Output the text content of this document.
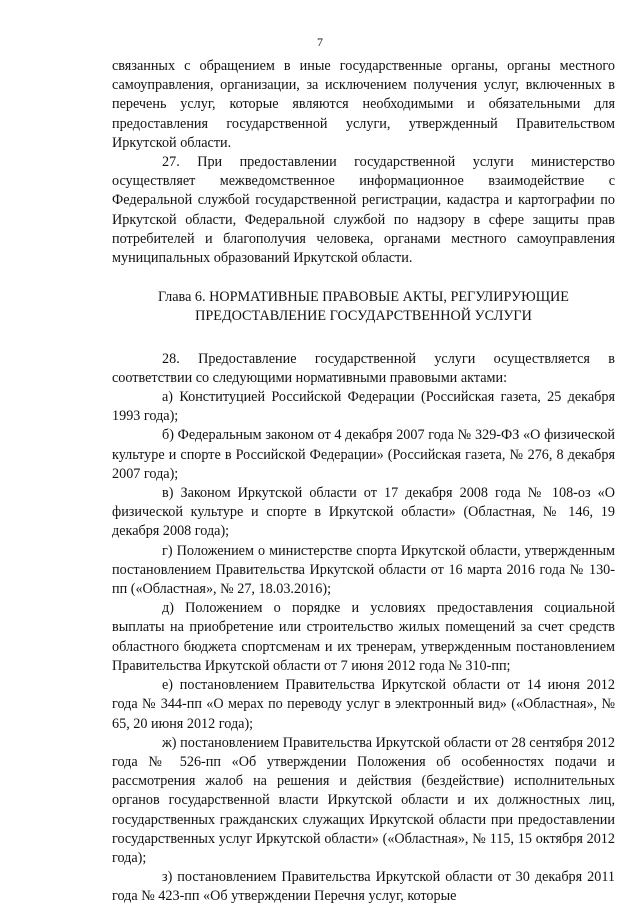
7

связанных с обращением в иные государственные органы, органы местного самоуправления, организации, за исключением получения услуг, включенных в перечень услуг, которые являются необходимыми и обязательными для предоставления государственной услуги, утвержденный Правительством Иркутской области.

27. При предоставлении государственной услуги министерство осуществляет межведомственное информационное взаимодействие с Федеральной службой государственной регистрации, кадастра и картографии по Иркутской области, Федеральной службой по надзору в сфере защиты прав потребителей и благополучия человека, органами местного самоуправления муниципальных образований Иркутской области.

Глава 6. НОРМАТИВНЫЕ ПРАВОВЫЕ АКТЫ, РЕГУЛИРУЮЩИЕ
ПРЕДОСТАВЛЕНИЕ ГОСУДАРСТВЕННОЙ УСЛУГИ

28. Предоставление государственной услуги осуществляется в соответствии со следующими нормативными правовыми актами:

а) Конституцией Российской Федерации (Российская газета, 25 декабря 1993 года);

б) Федеральным законом от 4 декабря 2007 года № 329-ФЗ «О физической культуре и спорте в Российской Федерации» (Российская газета, № 276, 8 декабря 2007 года);

в) Законом Иркутской области от 17 декабря 2008 года № 108-оз «О физической культуре и спорте в Иркутской области» (Областная, № 146, 19 декабря 2008 года);

г) Положением о министерстве спорта Иркутской области, утвержденным постановлением Правительства Иркутской области от 16 марта 2016 года № 130-пп («Областная», № 27, 18.03.2016);

д) Положением о порядке и условиях предоставления социальной выплаты на приобретение или строительство жилых помещений за счет средств областного бюджета спортсменам и их тренерам, утвержденным постановлением Правительства Иркутской области от 7 июня 2012 года № 310-пп;

е) постановлением Правительства Иркутской области от 14 июня 2012 года № 344-пп «О мерах по переводу услуг в электронный вид» («Областная», № 65, 20 июня 2012 года);

ж) постановлением Правительства Иркутской области от 28 сентября 2012 года № 526-пп «Об утверждении Положения об особенностях подачи и рассмотрения жалоб на решения и действия (бездействие) исполнительных органов государственной власти Иркутской области и их должностных лиц, государственных гражданских служащих Иркутской области при предоставлении государственных услуг Иркутской области» («Областная», № 115, 15 октября 2012 года);

з) постановлением Правительства Иркутской области от 30 декабря 2011 года № 423-пп «Об утверждении Перечня услуг, которые
